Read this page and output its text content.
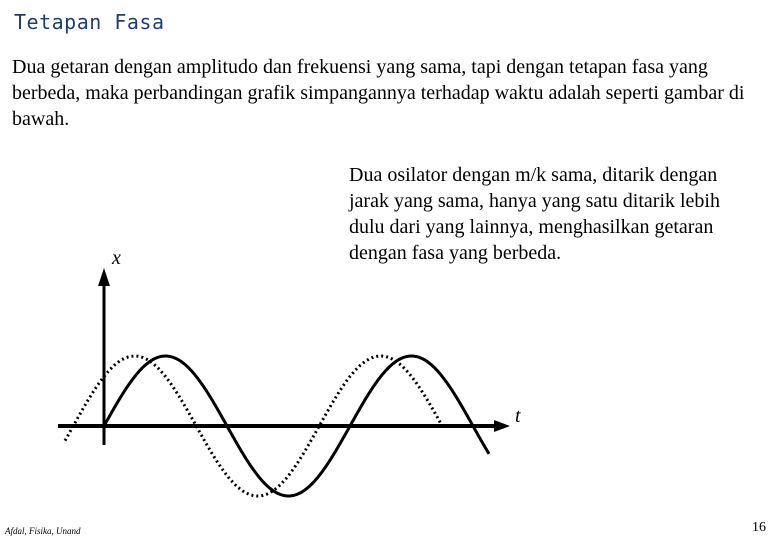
Tetapan Fasa
Dua getaran dengan amplitudo dan frekuensi yang sama, tapi dengan tetapan fasa yang berbeda, maka perbandingan grafik simpangannya terhadap waktu adalah seperti gambar di bawah.
Dua osilator dengan m/k sama, ditarik dengan jarak yang sama, hanya yang satu ditarik lebih dulu dari yang lainnya, menghasilkan getaran dengan fasa yang berbeda.
x
t
Afdal, Fisika, Unand	16
